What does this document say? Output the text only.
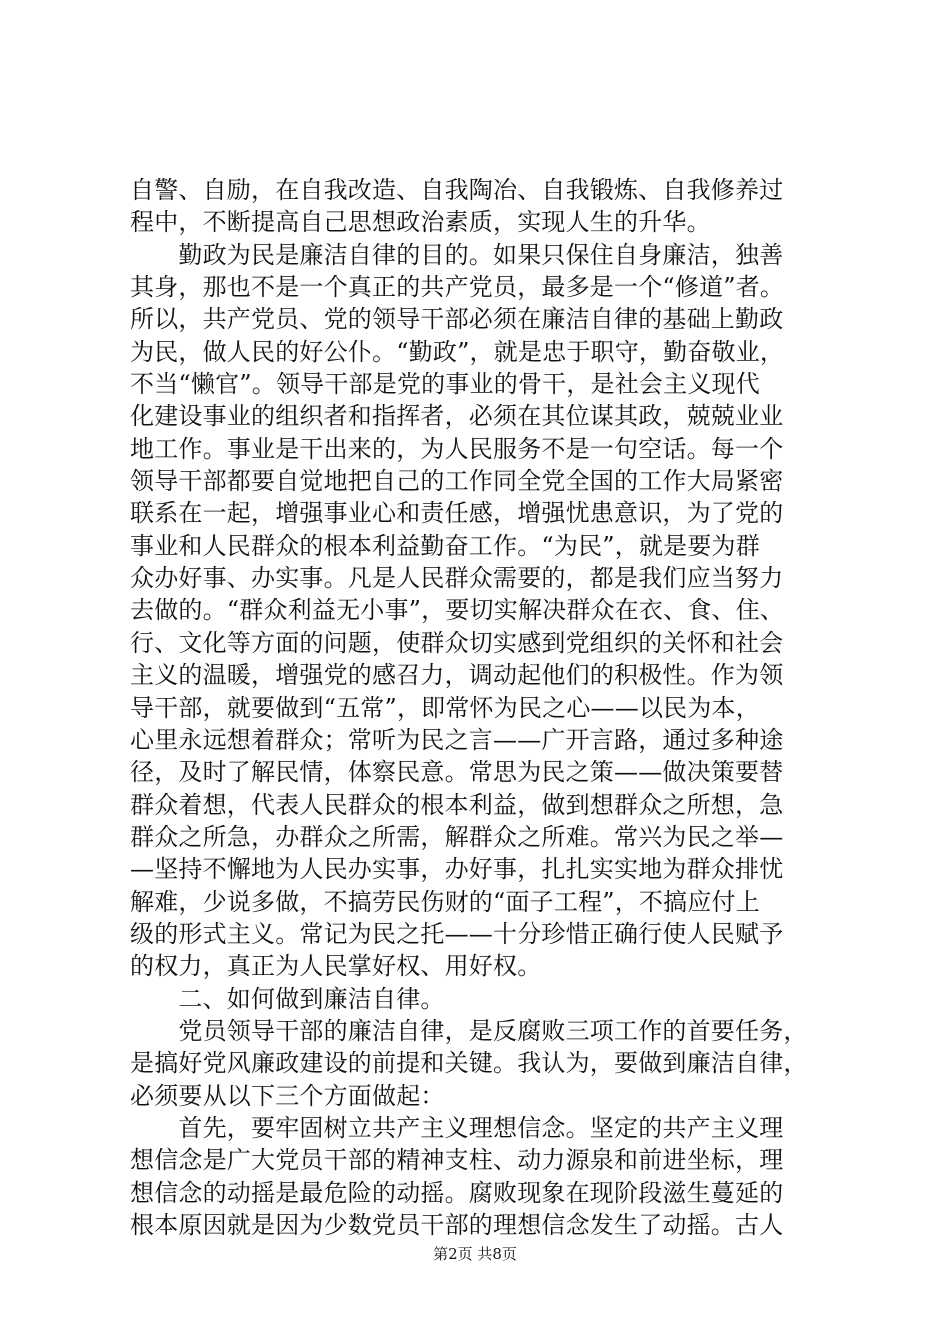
自警、自励，在自我改造、自我陶冶、自我锻炼、自我修养过
程中，不断提高自己思想政治素质，实现人生的升华。
　　勤政为民是廉洁自律的目的。如果只保住自身廉洁，独善
其身，那也不是一个真正的共产党员，最多是一个“修道”者。
所以，共产党员、党的领导干部必须在廉洁自律的基础上勤政
为民，做人民的好公仆。“勤政”，就是忠于职守，勤奋敬业，
不当“懒官”。领导干部是党的事业的骨干，是社会主义现代
化建设事业的组织者和指挥者，必须在其位谋其政，兢兢业业
地工作。事业是干出来的，为人民服务不是一句空话。每一个
领导干部都要自觉地把自己的工作同全党全国的工作大局紧密
联系在一起，增强事业心和责任感，增强忧患意识，为了党的
事业和人民群众的根本利益勤奋工作。“为民”，就是要为群
众办好事、办实事。凡是人民群众需要的，都是我们应当努力
去做的。“群众利益无小事”，要切实解决群众在衣、食、住、
行、文化等方面的问题，使群众切实感到党组织的关怀和社会
主义的温暖，增强党的感召力，调动起他们的积极性。作为领
导干部，就要做到“五常”，即常怀为民之心——以民为本，
心里永远想着群众；常听为民之言——广开言路，通过多种途
径，及时了解民情，体察民意。常思为民之策——做决策要替
群众着想，代表人民群众的根本利益，做到想群众之所想，急
群众之所急，办群众之所需，解群众之所难。常兴为民之举—
—坚持不懈地为人民办实事，办好事，扎扎实实地为群众排忧
解难，少说多做，不搞劳民伤财的“面子工程”，不搞应付上
级的形式主义。常记为民之托——十分珍惜正确行使人民赋予
的权力，真正为人民掌好权、用好权。
　　二、如何做到廉洁自律。
　　党员领导干部的廉洁自律，是反腐败三项工作的首要任务，
是搞好党风廉政建设的前提和关键。我认为，要做到廉洁自律，
必须要从以下三个方面做起：
　　首先，要牢固树立共产主义理想信念。坚定的共产主义理
想信念是广大党员干部的精神支柱、动力源泉和前进坐标，理
想信念的动摇是最危险的动摇。腐败现象在现阶段滋生蔓延的
根本原因就是因为少数党员干部的理想信念发生了动摇。古人
第2页 共8页
